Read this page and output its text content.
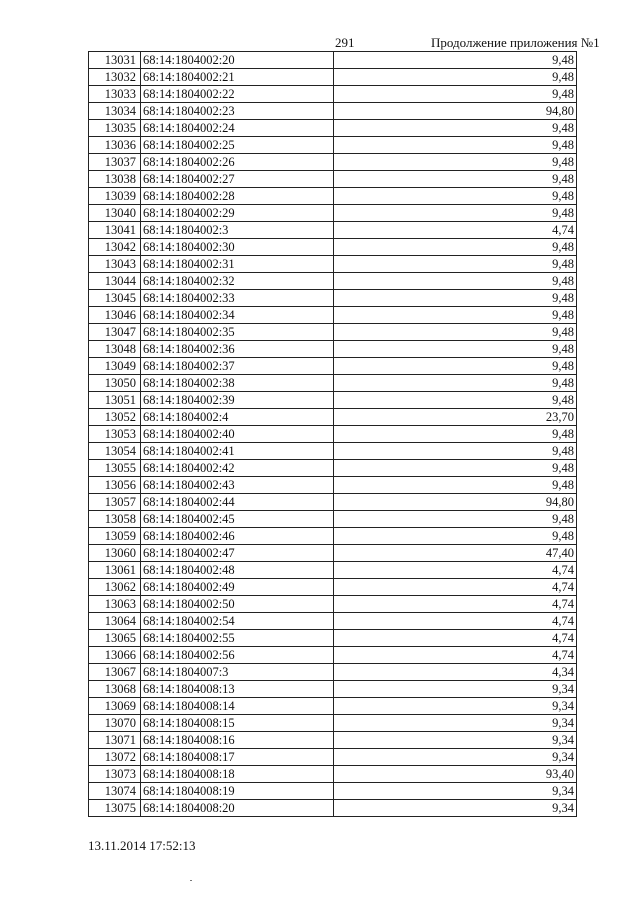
291	Продолжение приложения №1
13031	68:14:1804002:20	9,48
13032	68:14:1804002:21	9,48
13033	68:14:1804002:22	9,48
13034	68:14:1804002:23	94,80
13035	68:14:1804002:24	9,48
13036	68:14:1804002:25	9,48
13037	68:14:1804002:26	9,48
13038	68:14:1804002:27	9,48
13039	68:14:1804002:28	9,48
13040	68:14:1804002:29	9,48
13041	68:14:1804002:3	4,74
13042	68:14:1804002:30	9,48
13043	68:14:1804002:31	9,48
13044	68:14:1804002:32	9,48
13045	68:14:1804002:33	9,48
13046	68:14:1804002:34	9,48
13047	68:14:1804002:35	9,48
13048	68:14:1804002:36	9,48
13049	68:14:1804002:37	9,48
13050	68:14:1804002:38	9,48
13051	68:14:1804002:39	9,48
13052	68:14:1804002:4	23,70
13053	68:14:1804002:40	9,48
13054	68:14:1804002:41	9,48
13055	68:14:1804002:42	9,48
13056	68:14:1804002:43	9,48
13057	68:14:1804002:44	94,80
13058	68:14:1804002:45	9,48
13059	68:14:1804002:46	9,48
13060	68:14:1804002:47	47,40
13061	68:14:1804002:48	4,74
13062	68:14:1804002:49	4,74
13063	68:14:1804002:50	4,74
13064	68:14:1804002:54	4,74
13065	68:14:1804002:55	4,74
13066	68:14:1804002:56	4,74
13067	68:14:1804007:3	4,34
13068	68:14:1804008:13	9,34
13069	68:14:1804008:14	9,34
13070	68:14:1804008:15	9,34
13071	68:14:1804008:16	9,34
13072	68:14:1804008:17	9,34
13073	68:14:1804008:18	93,40
13074	68:14:1804008:19	9,34
13075	68:14:1804008:20	9,34
13.11.2014 17:52:13
